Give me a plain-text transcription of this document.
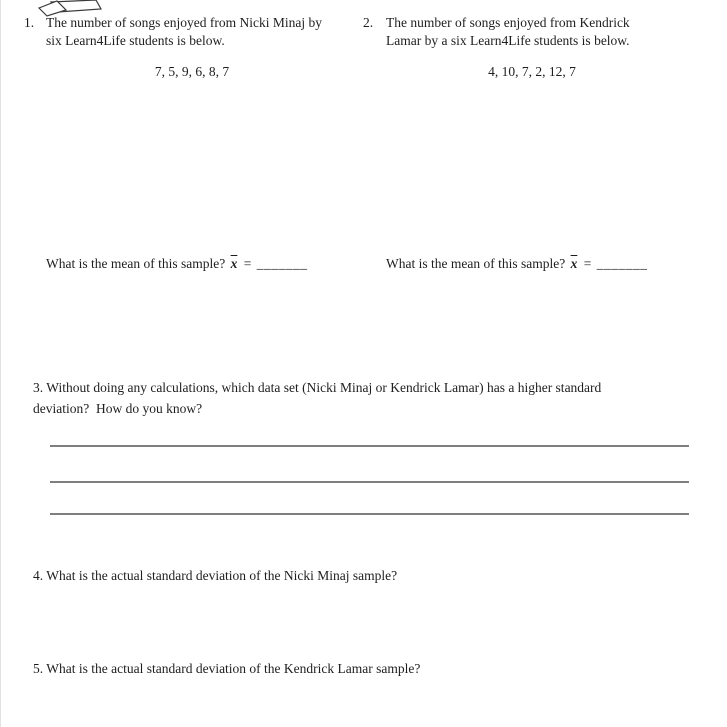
1. The number of songs enjoyed from Nicki Minaj by
six Learn4Life students is below.
2. The number of songs enjoyed from Kendrick
Lamar by a six Learn4Life students is below.
7, 5, 9, 6, 8, 7	4, 10, 7, 2, 12, 7
What is the mean of this sample? $\overline{x}$ = _______	What is the mean of this sample? $\overline{x}$ = _______
3. Without doing any calculations, which data set (Nicki Minaj or Kendrick Lamar) has a higher standard
deviation?  How do you know?
4. What is the actual standard deviation of the Nicki Minaj sample?
5. What is the actual standard deviation of the Kendrick Lamar sample?
